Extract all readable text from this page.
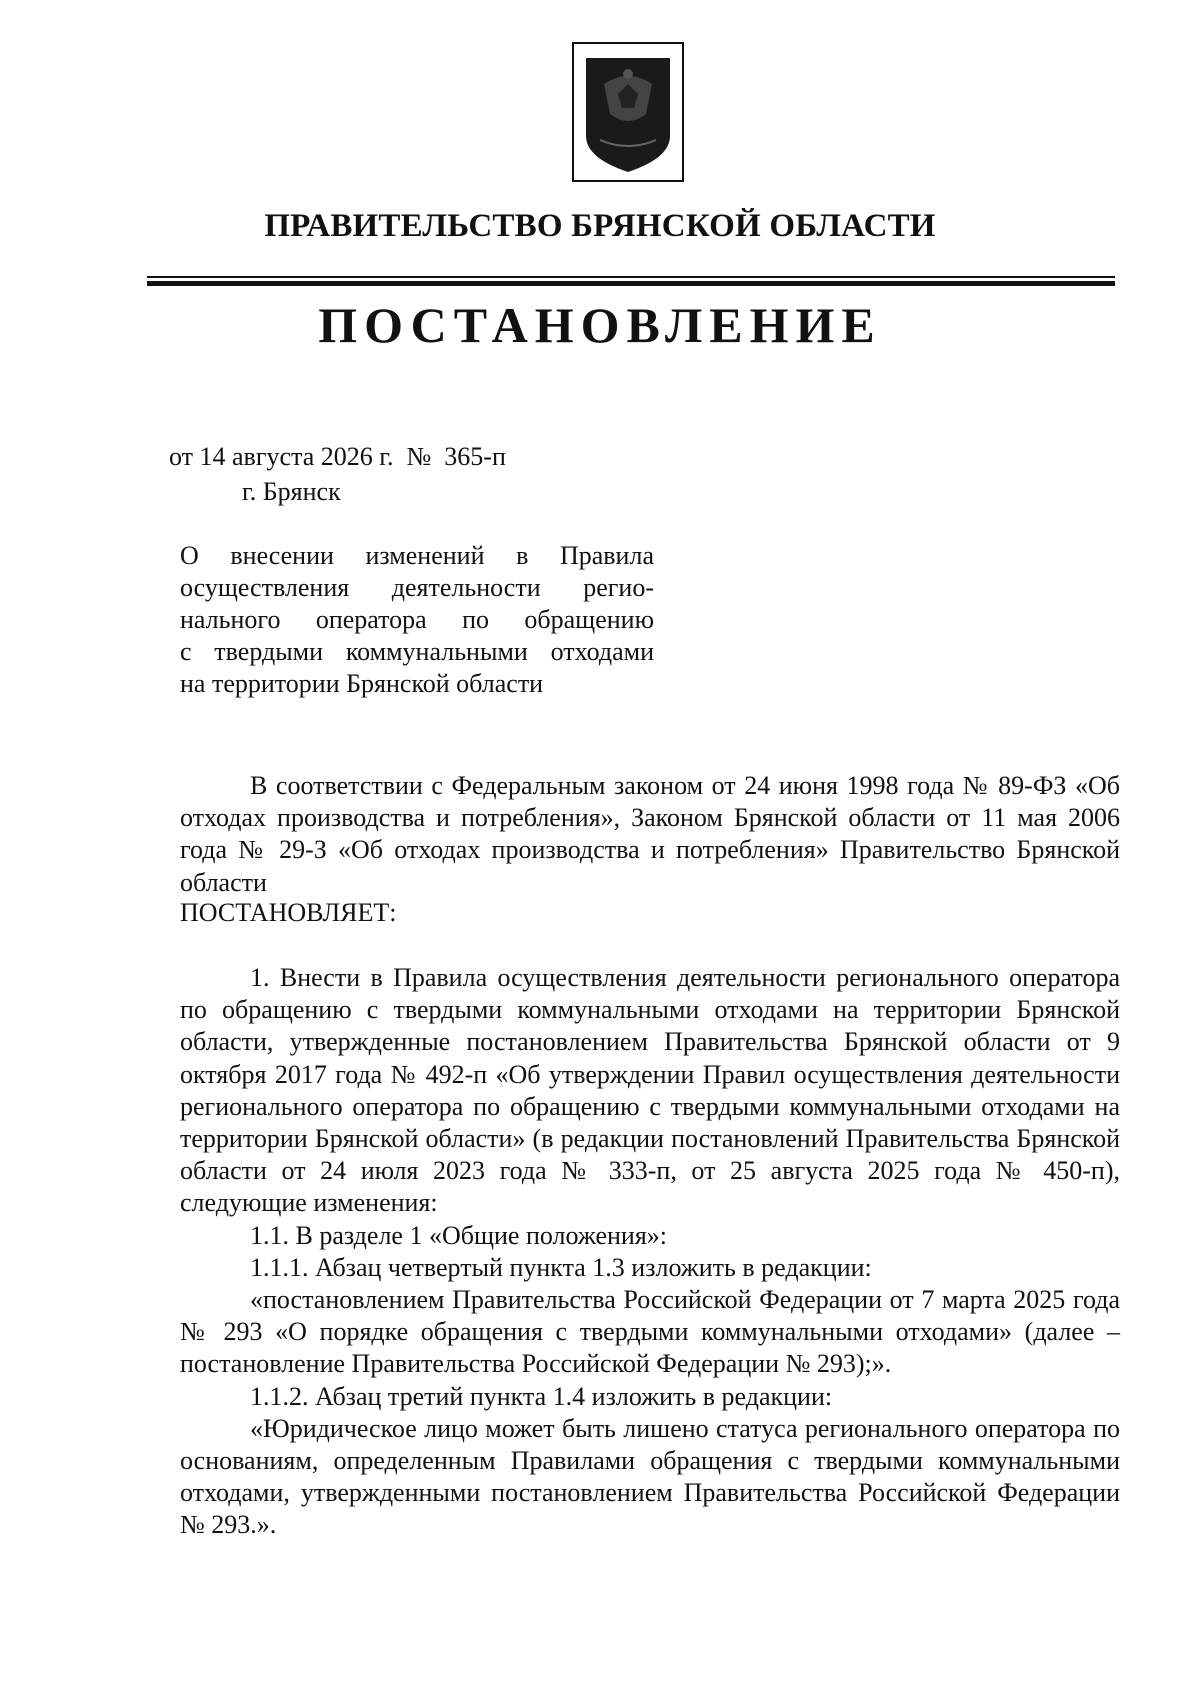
ПРАВИТЕЛЬСТВО БРЯНСКОЙ ОБЛАСТИ
ПОСТАНОВЛЕНИЕ
от 14 августа 2026 г.  №  365-п
г. Брянск
О внесении изменений в Правила
осуществления деятельности регио-
нального оператора по обращению
с твердыми коммунальными отходами
на территории Брянской области

В соответствии с Федеральным законом от 24 июня 1998 года № 89-ФЗ «Об отходах производства и потребления», Законом Брянской области от 11 мая 2006 года № 29-З «Об отходах производства и потребления» Правительство Брянской области

ПОСТАНОВЛЯЕТ:

1. Внести в Правила осуществления деятельности регионального оператора по обращению с твердыми коммунальными отходами на территории Брянской области, утвержденные постановлением Правительства Брянской области от 9 октября 2017 года № 492-п «Об утверждении Правил осуществления деятельности регионального оператора по обращению с твердыми коммунальными отходами на территории Брянской области» (в редакции постановлений Правительства Брянской области от 24 июля 2023 года № 333-п, от 25 августа 2025 года № 450-п), следующие изменения:

1.1. В разделе 1 «Общие положения»:

1.1.1. Абзац четвертый пункта 1.3 изложить в редакции:

«постановлением Правительства Российской Федерации от 7 марта 2025 года № 293 «О порядке обращения с твердыми коммунальными отходами» (далее – постановление Правительства Российской Федерации № 293);».

1.1.2. Абзац третий пункта 1.4 изложить в редакции:

«Юридическое лицо может быть лишено статуса регионального оператора по основаниям, определенным Правилами обращения с твердыми коммунальными отходами, утвержденными постановлением Правительства Российской Федерации № 293.».
